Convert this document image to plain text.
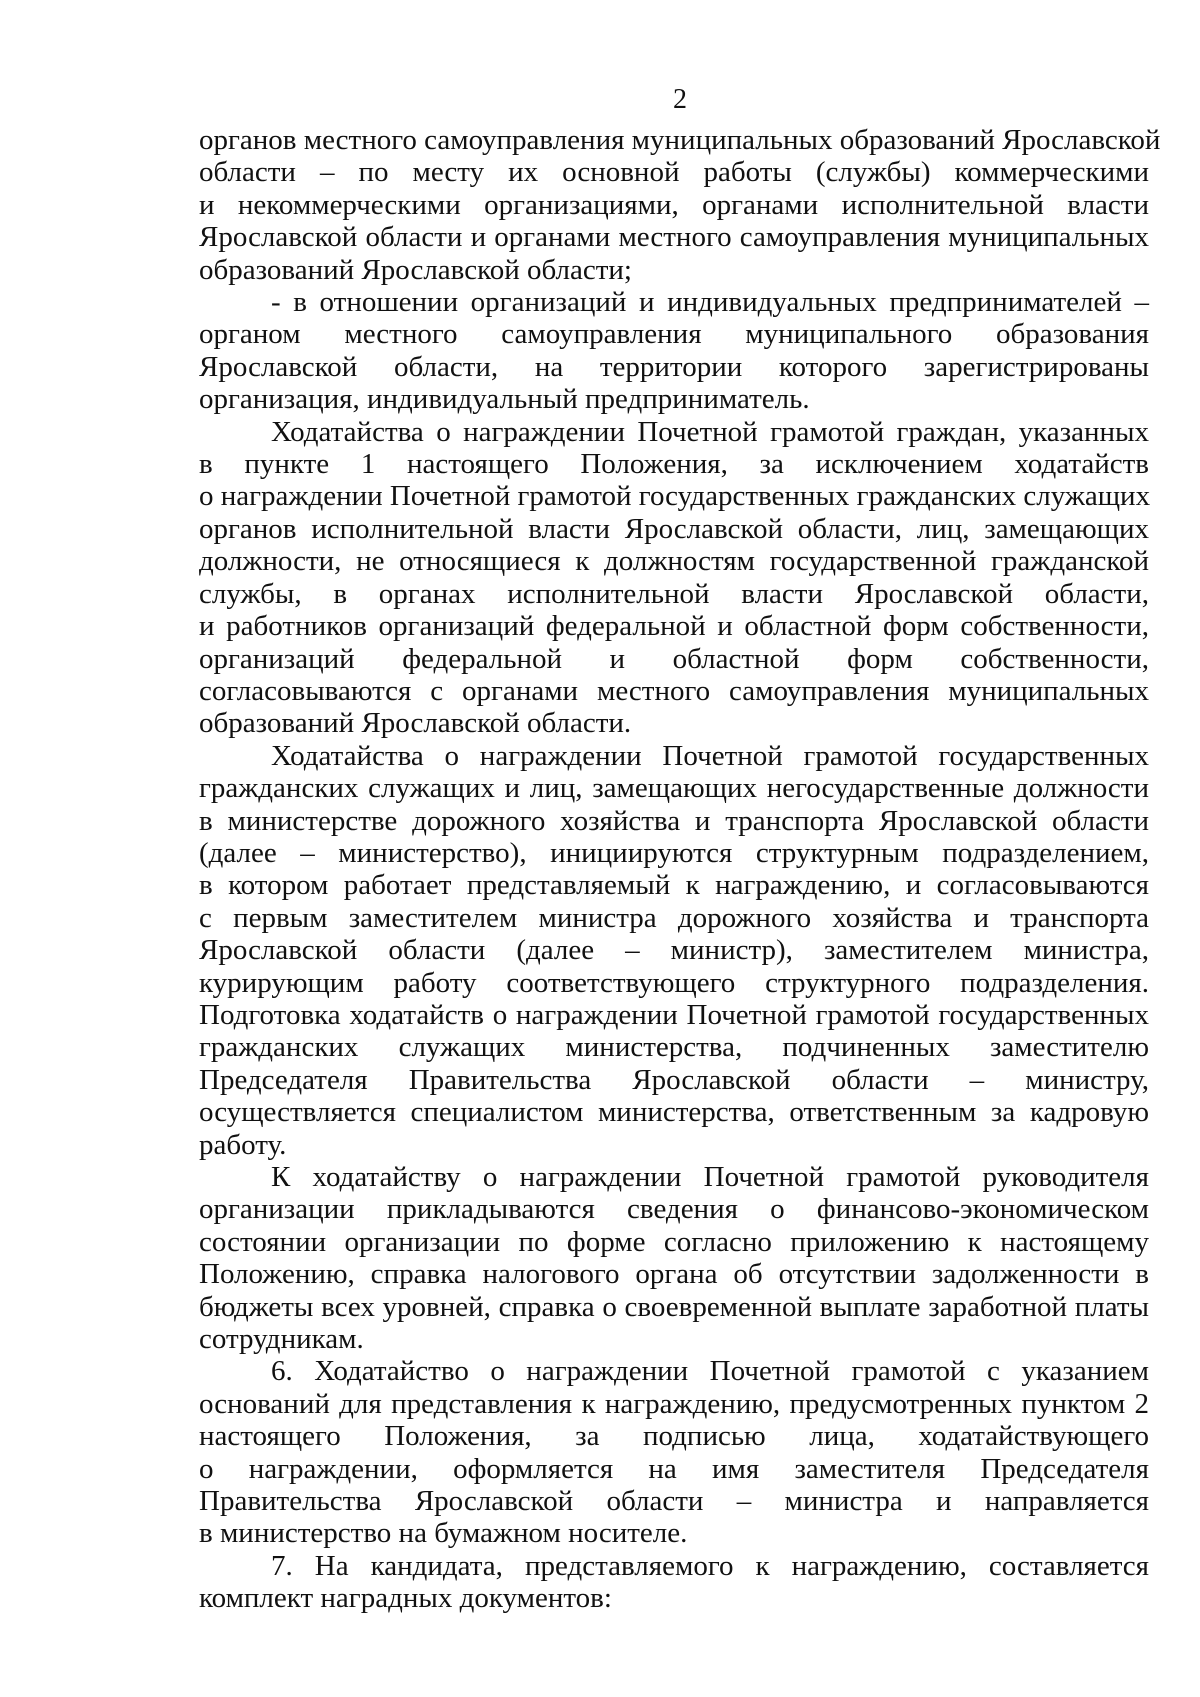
2
органов местного самоуправления муниципальных образований Ярославской
области – по месту их основной работы (службы) коммерческими
и некоммерческими организациями, органами исполнительной власти
Ярославской области и органами местного самоуправления муниципальных
образований Ярославской области;
- в отношении организаций и индивидуальных предпринимателей –
органом местного самоуправления муниципального образования
Ярославской области, на территории которого зарегистрированы
организация, индивидуальный предприниматель.
Ходатайства о награждении Почетной грамотой граждан, указанных
в пункте 1 настоящего Положения, за исключением ходатайств
о награждении Почетной грамотой государственных гражданских служащих
органов исполнительной власти Ярославской области, лиц, замещающих
должности, не относящиеся к должностям государственной гражданской
службы, в органах исполнительной власти Ярославской области,
и работников организаций федеральной и областной форм собственности,
организаций федеральной и областной форм собственности,
согласовываются с органами местного самоуправления муниципальных
образований Ярославской области.
Ходатайства о награждении Почетной грамотой государственных
гражданских служащих и лиц, замещающих негосударственные должности
в министерстве дорожного хозяйства и транспорта Ярославской области
(далее – министерство), инициируются структурным подразделением,
в котором работает представляемый к награждению, и согласовываются
с первым заместителем министра дорожного хозяйства и транспорта
Ярославской области (далее – министр), заместителем министра,
курирующим работу соответствующего структурного подразделения.
Подготовка ходатайств о награждении Почетной грамотой государственных
гражданских служащих министерства, подчиненных заместителю
Председателя Правительства Ярославской области – министру,
осуществляется специалистом министерства, ответственным за кадровую
работу.
К ходатайству о награждении Почетной грамотой руководителя
организации прикладываются сведения о финансово-экономическом
состоянии организации по форме согласно приложению к настоящему
Положению, справка налогового органа об отсутствии задолженности в
бюджеты всех уровней, справка о своевременной выплате заработной платы
сотрудникам.
6. Ходатайство о награждении Почетной грамотой с указанием
оснований для представления к награждению, предусмотренных пунктом 2
настоящего Положения, за подписью лица, ходатайствующего
о награждении, оформляется на имя заместителя Председателя
Правительства Ярославской области – министра и направляется
в министерство на бумажном носителе.
7. На кандидата, представляемого к награждению, составляется
комплект наградных документов:
